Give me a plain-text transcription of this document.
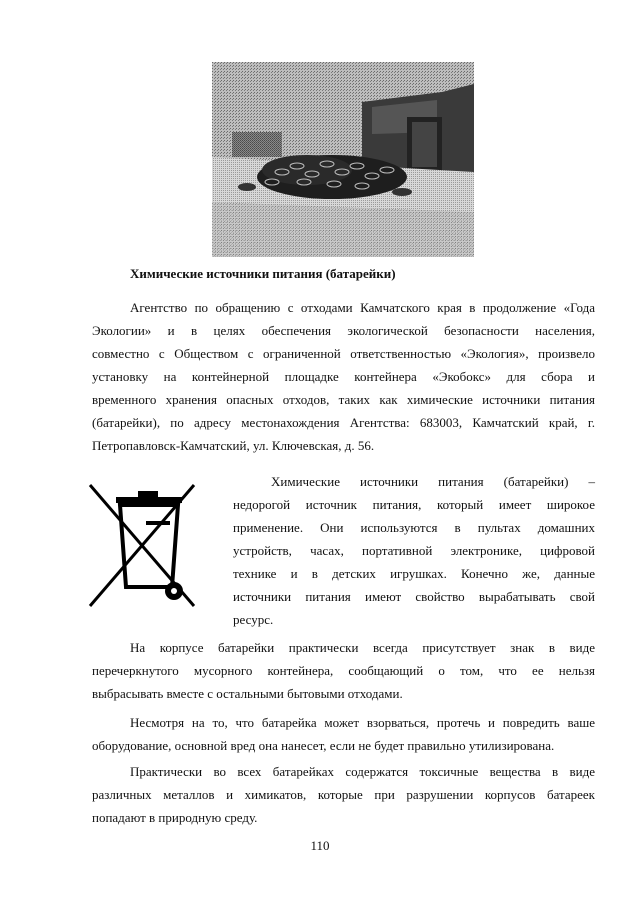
Химические источники питания (батарейки)
Агентство по обращению с отходами Камчатского края в продолжение «Года
Экологии» и в целях обеспечения экологической безопасности населения,
совместно с Обществом с ограниченной ответственностью «Экология», произвело
установку на контейнерной площадке контейнера «Экобокс» для сбора и
временного хранения опасных отходов, таких как химические источники питания
(батарейки), по адресу местонахождения Агентства: 683003, Камчатский край, г.
Петропавловск-Камчатский, ул. Ключевская, д. 56.
Химические источники питания (батарейки) –
недорогой источник питания, который имеет широкое
применение. Они используются в пультах домашних
устройств, часах, портативной электронике, цифровой
технике и в детских игрушках. Конечно же, данные
источники питания имеют свойство вырабатывать свой
ресурс.
На корпусе батарейки практически всегда присутствует знак в виде
перечеркнутого мусорного контейнера, сообщающий о том, что ее нельзя
выбрасывать вместе с остальными бытовыми отходами.
Несмотря на то, что батарейка может взорваться, протечь и повредить ваше
оборудование, основной вред она нанесет, если не будет правильно утилизирована.
Практически во всех батарейках содержатся токсичные вещества в виде
различных металлов и химикатов, которые при разрушении корпусов батареек
попадают в природную среду.
110
